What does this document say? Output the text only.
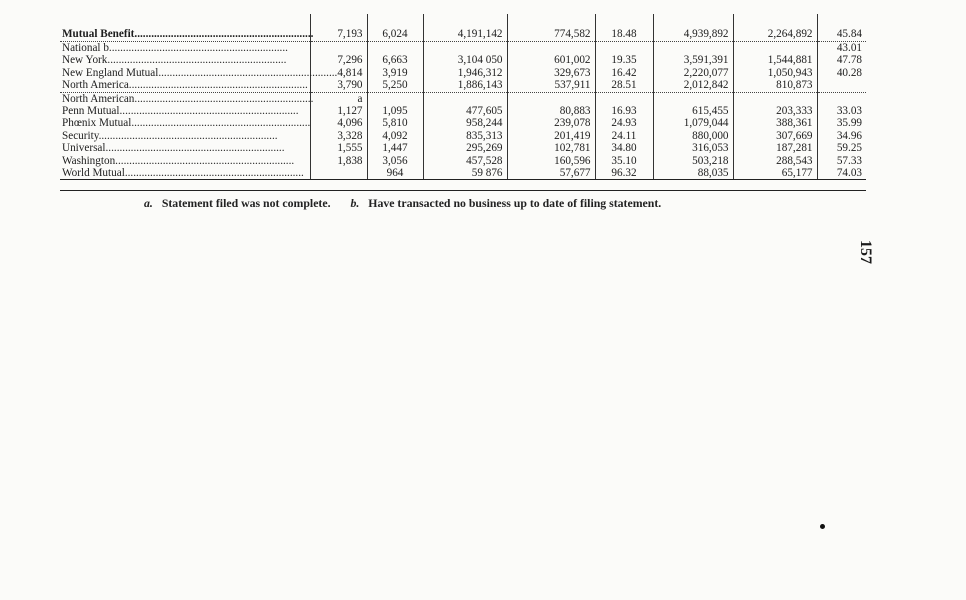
Mutual Benefit................................................................	7,193	6,024	4,191,142	774,582	18.48	4,939,892	2,264,892	45.84
National b................................................................								43.01
New York................................................................	7,296	6,663	3,104 050	601,002	19.35	3,591,391	1,544,881	47.78
New England Mutual................................................................	4,814	3,919	1,946,312	329,673	16.42	2,220,077	1,050,943	40.28
North America................................................................	3,790	5,250	1,886,143	537,911	28.51	2,012,842	810,873	
North American................................................................	a							
Penn Mutual................................................................	1,127	1,095	477,605	80,883	16.93	615,455	203,333	33.03
Phœnix Mutual................................................................	4,096	5,810	958,244	239,078	24.93	1,079,044	388,361	35.99
Security................................................................	3,328	4,092	835,313	201,419	24.11	880,000	307,669	34.96
Universal................................................................	1,555	1,447	295,269	102,781	34.80	316,053	187,281	59.25
Washington................................................................	1,838	3,056	457,528	160,596	35.10	503,218	288,543	57.33
World Mutual................................................................		964	59 876	57,677	96.32	88,035	65,177	74.03
a. Statement filed was not complete. b. Have transacted no business up to date of filing statement.
157
